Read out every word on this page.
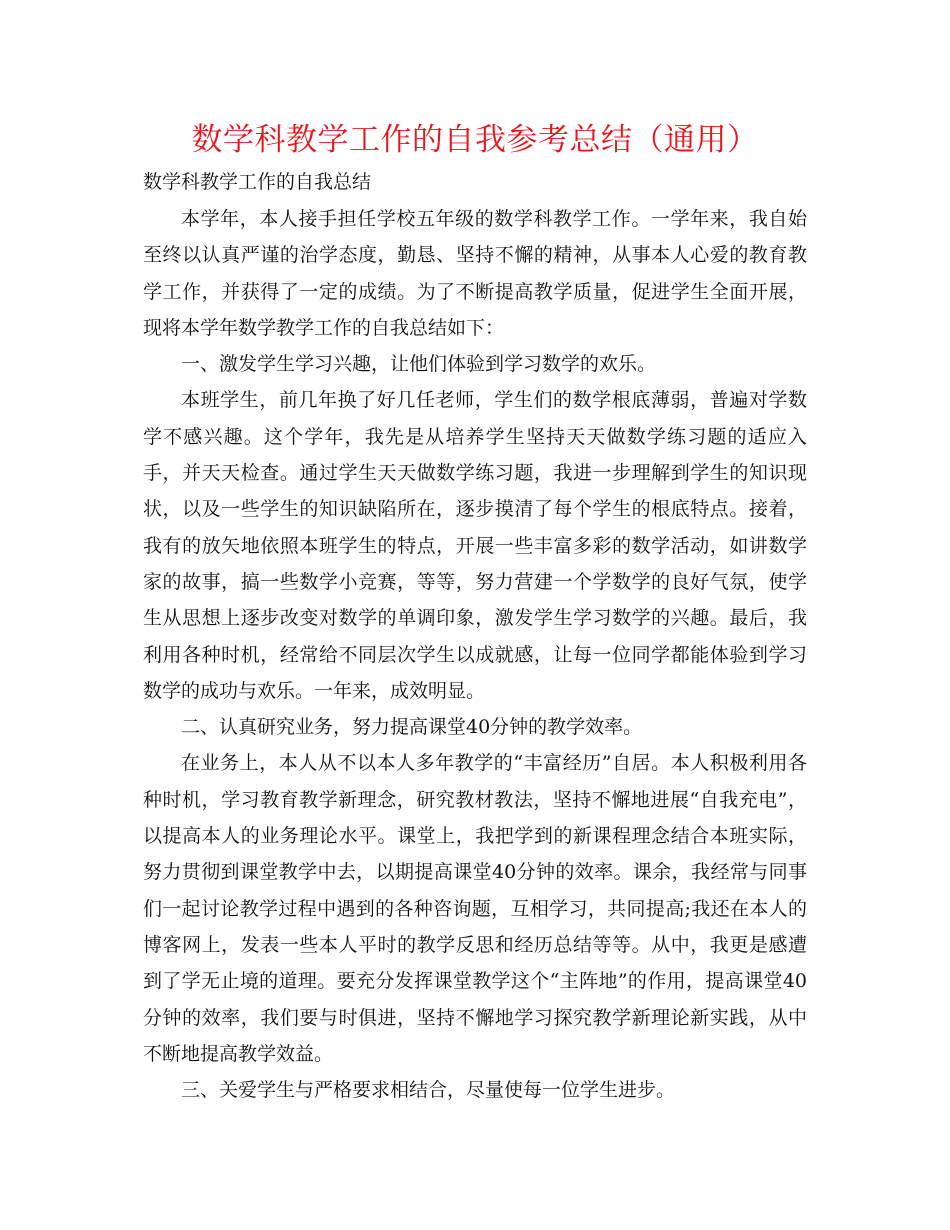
数学科教学工作的自我参考总结（通用）
数学科教学工作的自我总结

本学年，本人接手担任学校五年级的数学科教学工作。一学年来，我自始至终以认真严谨的治学态度，勤恳、坚持不懈的精神，从事本人心爱的教育教学工作，并获得了一定的成绩。为了不断提高教学质量，促进学生全面开展，现将本学年数学教学工作的自我总结如下：

一、激发学生学习兴趣，让他们体验到学习数学的欢乐。

本班学生，前几年换了好几任老师，学生们的数学根底薄弱，普遍对学数学不感兴趣。这个学年，我先是从培养学生坚持天天做数学练习题的适应入手，并天天检查。通过学生天天做数学练习题，我进一步理解到学生的知识现状，以及一些学生的知识缺陷所在，逐步摸清了每个学生的根底特点。接着，我有的放矢地依照本班学生的特点，开展一些丰富多彩的数学活动，如讲数学家的故事，搞一些数学小竞赛，等等，努力营建一个学数学的良好气氛，使学生从思想上逐步改变对数学的单调印象，激发学生学习数学的兴趣。最后，我利用各种时机，经常给不同层次学生以成就感，让每一位同学都能体验到学习数学的成功与欢乐。一年来，成效明显。

二、认真研究业务，努力提高课堂40分钟的教学效率。

在业务上，本人从不以本人多年教学的“丰富经历”自居。本人积极利用各种时机，学习教育教学新理念，研究教材教法，坚持不懈地进展“自我充电”，以提高本人的业务理论水平。课堂上，我把学到的新课程理念结合本班实际，努力贯彻到课堂教学中去，以期提高课堂40分钟的效率。课余，我经常与同事们一起讨论教学过程中遇到的各种咨询题，互相学习，共同提高;我还在本人的博客网上，发表一些本人平时的教学反思和经历总结等等。从中，我更是感遭到了学无止境的道理。要充分发挥课堂教学这个“主阵地”的作用，提高课堂40分钟的效率，我们要与时俱进，坚持不懈地学习探究教学新理论新实践，从中不断地提高教学效益。

三、关爱学生与严格要求相结合，尽量使每一位学生进步。
